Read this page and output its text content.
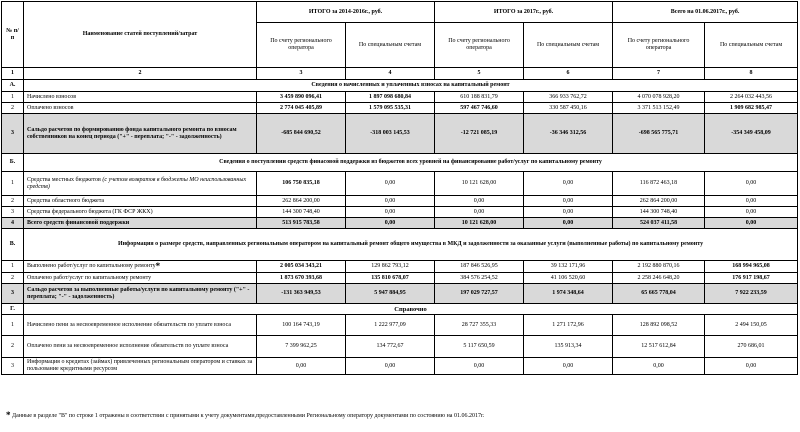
№ п/п	Наименование статей поступлений/затрат	ИТОГО за 2014-2016г., руб.		ИТОГО за 2017г., руб.		Всего на 01.06.2017г., руб.	
		По счету регионального оператора	По специальным счетам	По счету регионального оператора	По специальным счетам	По счету регионального оператора	По специальным счетам
1	2	3	4	5	6	7	8
А.	Сведения о начисленных и уплаченных взносах на капитальный ремонт						
1	Начислено взносов	3 459 890 096,41	1 897 098 680,84	610 188 831,79	366 933 762,72	4 070 078 928,20	2 264 032 443,56
2	Оплачено взносов	2 774 045 405,89	1 579 095 535,31	597 467 746,60	330 587 450,16	3 371 513 152,49	1 909 682 985,47
3	Сальдо расчетов по формированию фонда капитального ремонта по взносам собственников на конец периода ("+" - переплата; "-" - задолженность)	-685 844 690,52	-318 003 145,53	-12 721 085,19	-36 346 312,56	-698 565 775,71	-354 349 458,09
Б.	Сведения о поступлении средств финасовой поддержки из бюджетов всех уровней на финансирование работ/услуг по капитальному ремонту						
1	Средства местных бюджетов (с учетом возвратов в бюджеты МО неиспользованных средств)	106 750 835,18	0,00	10 121 628,00	0,00	116 872 463,18	0,00
2	Средства областного бюджета	262 864 200,00	0,00	0,00	0,00	262 864 200,00	0,00
3	Средства федерального бюджета (ГК ФСР ЖКХ)	144 300 748,40	0,00	0,00	0,00	144 300 748,40	0,00
4	Всего средств финансовой поддержки	513 915 783,58	0,00	10 121 628,00	0,00	524 037 411,58	0,00
В.	Информация о размере средств, направленных региональным оператором на капитальный ремонт общего имущества в МКД и задолженности за оказанные услуги (выполненные работы) по капитальному ремонту						
1	Выполнено работ/услуг по капитальному ремонту*	2 005 034 343,21	129 862 793,12	187 846 526,95	39 132 171,96	2 192 880 870,16	168 994 965,08
2	Оплачено работ/услуг по капитальному ремонту	1 873 670 393,68	135 810 678,07	384 576 254,52	41 106 520,60	2 258 246 648,20	176 917 198,67
3	Сальдо расчетов за выполненные работы/услуги по капитальному ремонту ("+" - переплата; "-" - задолженность)	-131 363 949,53	5 947 884,95	197 029 727,57	1 974 348,64	65 665 778,04	7 922 233,59
Г.	Справочно						
1	Начислено пени за несвоевременное исполнение обязательств по уплате взноса	100 164 743,19	1 222 977,09	28 727 355,33	1 271 172,96	128 892 098,52	2 494 150,05
2	Оплачено пени за несвоевременное исполнение обязательств по уплате взноса	7 399 962,25	134 772,67	5 117 650,59	135 913,34	12 517 612,84	270 686,01
3	Информация о кредитах (займах) привлеченных региональным оператором и ставках за пользование кредитными ресурсом	0,00	0,00	0,00	0,00	0,00	0,00
* Данные в разделе "В" по строке 1 отражены в соответствии с принятыми к учету документами,предоставленными Региональному оператору документами по состоянию на 01.06.2017г.
